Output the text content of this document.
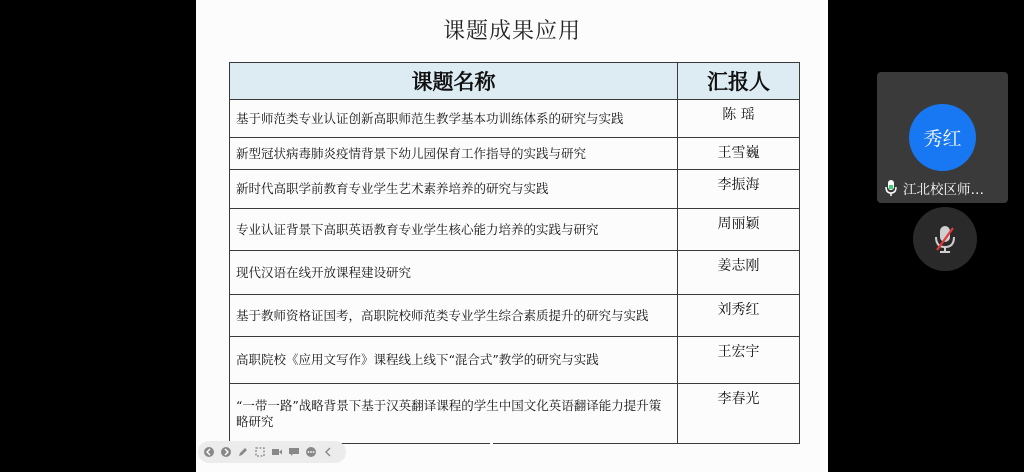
课题成果应用
课题名称	汇报人
基于师范类专业认证创新高职师范生教学基本功训练体系的研究与实践	陈 瑶
新型冠状病毒肺炎疫情背景下幼儿园保育工作指导的实践与研究	王雪巍
新时代高职学前教育专业学生艺术素养培养的研究与实践	李振海
专业认证背景下高职英语教育专业学生核心能力培养的实践与研究	周丽颖
现代汉语在线开放课程建设研究	姜志刚
基于教师资格证国考，高职院校师范类专业学生综合素质提升的研究与实践	刘秀红
高职院校《应用文写作》课程线上线下“混合式”教学的研究与实践	王宏宇
“一带一路”战略背景下基于汉英翻译课程的学生中国文化英语翻译能力提升策略研究	李春光
秀红
江北校区师…
